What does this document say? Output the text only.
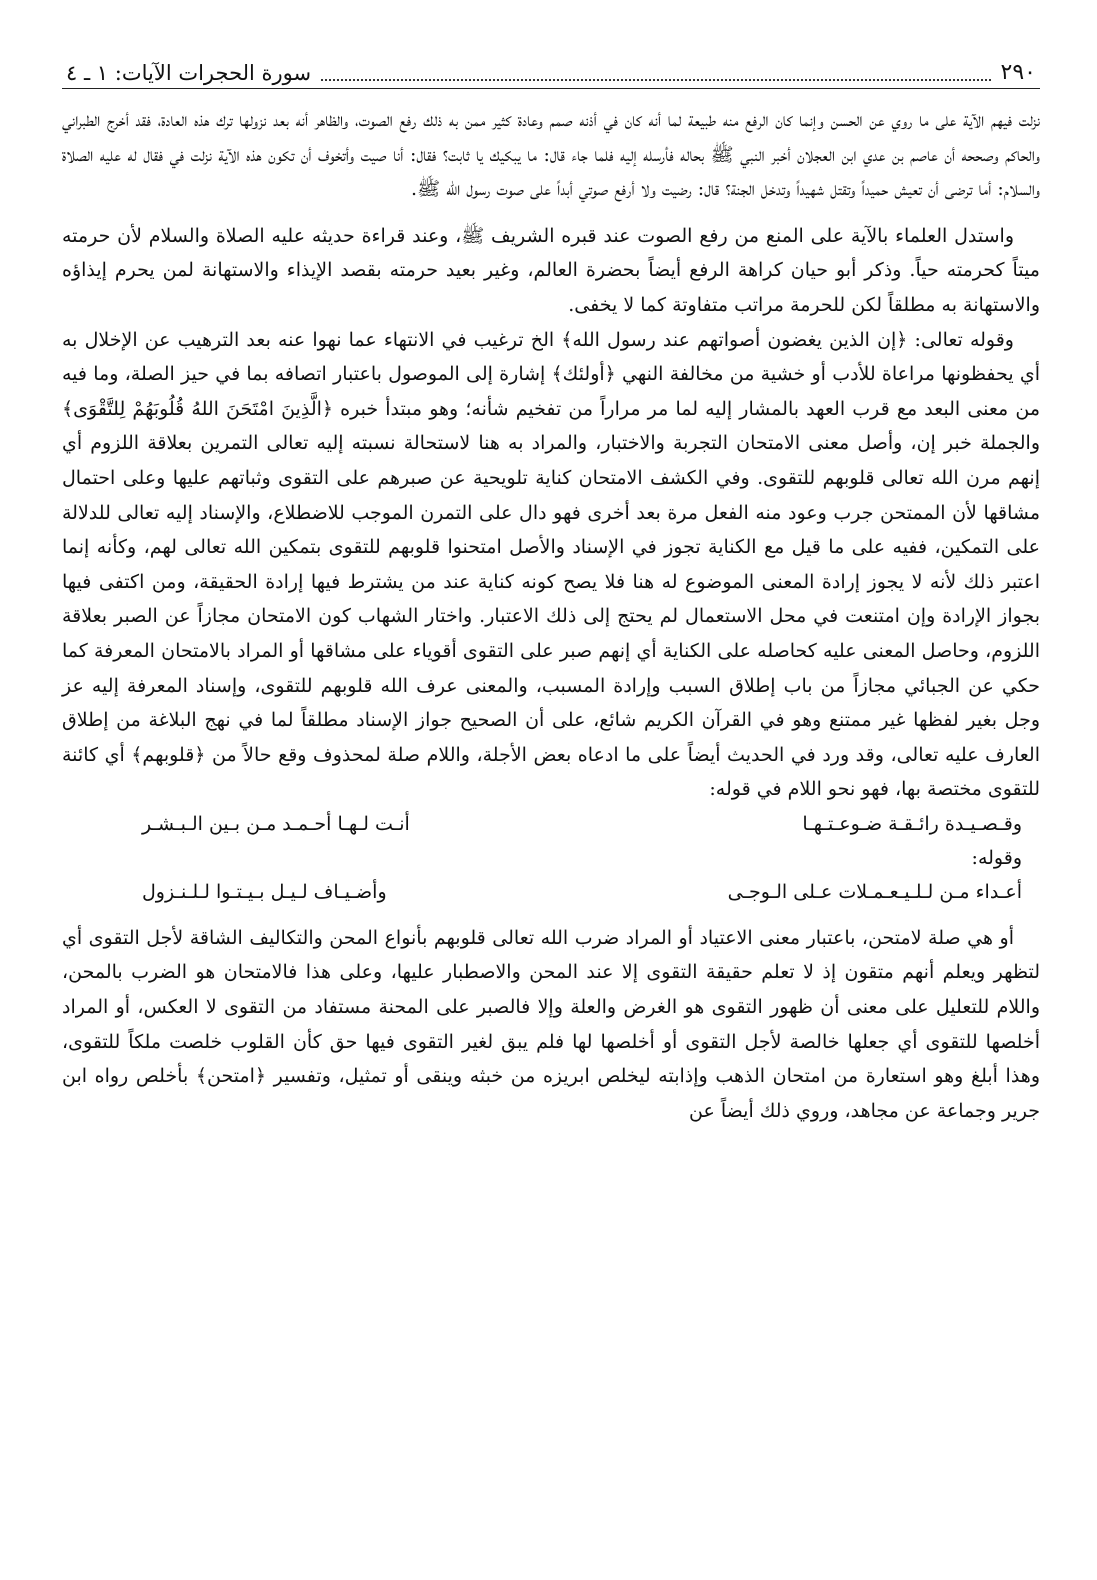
٢٩٠
سورة الحجرات الآيات: ١ ـ ٤

نزلت فيهم الآية على ما روي عن الحسن وإنما كان الرفع منه طبيعة لما أنه كان في أذنه صمم وعادة كثير ممن به ذلك رفع الصوت، والظاهر أنه بعد نزولها ترك هذه العادة، فقد أخرج الطبراني والحاكم وصححه أن عاصم بن عدي ابن العجلان أخبر النبي ﷺ بحاله فأرسله إليه فلما جاء قال: ما يبكيك يا ثابت؟ فقال: أنا صيت وأتخوف أن تكون هذه الآية نزلت في فقال له عليه الصلاة والسلام: أما ترضى أن تعيش حميداً وتقتل شهيداً وتدخل الجنة؟ قال: رضيت ولا أرفع صوتي أبداً على صوت رسول الله ﷺ.

واستدل العلماء بالآية على المنع من رفع الصوت عند قبره الشريف ﷺ، وعند قراءة حديثه عليه الصلاة والسلام لأن حرمته ميتاً كحرمته حياً. وذكر أبو حيان كراهة الرفع أيضاً بحضرة العالم، وغير بعيد حرمته بقصد الإيذاء والاستهانة لمن يحرم إيذاؤه والاستهانة به مطلقاً لكن للحرمة مراتب متفاوتة كما لا يخفى.

وقوله تعالى: ﴿إن الذين يغضون أصواتهم عند رسول الله﴾ الخ ترغيب في الانتهاء عما نهوا عنه بعد الترهيب عن الإخلال به أي يحفظونها مراعاة للأدب أو خشية من مخالفة النهي ﴿أولئك﴾ إشارة إلى الموصول باعتبار اتصافه بما في حيز الصلة، وما فيه من معنى البعد مع قرب العهد بالمشار إليه لما مر مراراً من تفخيم شأنه؛ وهو مبتدأ خبره ﴿الَّذِينَ امْتَحَنَ اللهُ قُلُوبَهُمْ لِلتَّقْوَى﴾ والجملة خبر إن، وأصل معنى الامتحان التجربة والاختبار، والمراد به هنا لاستحالة نسبته إليه تعالى التمرين بعلاقة اللزوم أي إنهم مرن الله تعالى قلوبهم للتقوى. وفي الكشف الامتحان كناية تلويحية عن صبرهم على التقوى وثباتهم عليها وعلى احتمال مشاقها لأن الممتحن جرب وعود منه الفعل مرة بعد أخرى فهو دال على التمرن الموجب للاضطلاع، والإسناد إليه تعالى للدلالة على التمكين، ففيه على ما قيل مع الكناية تجوز في الإسناد والأصل امتحنوا قلوبهم للتقوى بتمكين الله تعالى لهم، وكأنه إنما اعتبر ذلك لأنه لا يجوز إرادة المعنى الموضوع له هنا فلا يصح كونه كناية عند من يشترط فيها إرادة الحقيقة، ومن اكتفى فيها بجواز الإرادة وإن امتنعت في محل الاستعمال لم يحتج إلى ذلك الاعتبار. واختار الشهاب كون الامتحان مجازاً عن الصبر بعلاقة اللزوم، وحاصل المعنى عليه كحاصله على الكناية أي إنهم صبر على التقوى أقوياء على مشاقها أو المراد بالامتحان المعرفة كما حكي عن الجبائي مجازاً من باب إطلاق السبب وإرادة المسبب، والمعنى عرف الله قلوبهم للتقوى، وإسناد المعرفة إليه عز وجل بغير لفظها غير ممتنع وهو في القرآن الكريم شائع، على أن الصحيح جواز الإسناد مطلقاً لما في نهج البلاغة من إطلاق العارف عليه تعالى، وقد ورد في الحديث أيضاً على ما ادعاه بعض الأجلة، واللام صلة لمحذوف وقع حالاً من ﴿قلوبهم﴾ أي كائنة للتقوى مختصة بها، فهو نحو اللام في قوله:

وقـصـيـدة رائـقـة ضـوعـتـهـا
أنـت لـهـا أحـمـد مـن بـين الـبـشـر
وقوله:
أعـداء مـن لـلـيـعـمـلات عـلى الـوجـى
وأضـيـاف لـيـل بـيـتـوا لـلـنـزول

أو هي صلة لامتحن، باعتبار معنى الاعتياد أو المراد ضرب الله تعالى قلوبهم بأنواع المحن والتكاليف الشاقة لأجل التقوى أي لتظهر ويعلم أنهم متقون إذ لا تعلم حقيقة التقوى إلا عند المحن والاصطبار عليها، وعلى هذا فالامتحان هو الضرب بالمحن، واللام للتعليل على معنى أن ظهور التقوى هو الغرض والعلة وإلا فالصبر على المحنة مستفاد من التقوى لا العكس، أو المراد أخلصها للتقوى أي جعلها خالصة لأجل التقوى أو أخلصها لها فلم يبق لغير التقوى فيها حق كأن القلوب خلصت ملكاً للتقوى، وهذا أبلغ وهو استعارة من امتحان الذهب وإذابته ليخلص ابريزه من خبثه وينقى أو تمثيل، وتفسير ﴿امتحن﴾ بأخلص رواه ابن جرير وجماعة عن مجاهد، وروي ذلك أيضاً عن
